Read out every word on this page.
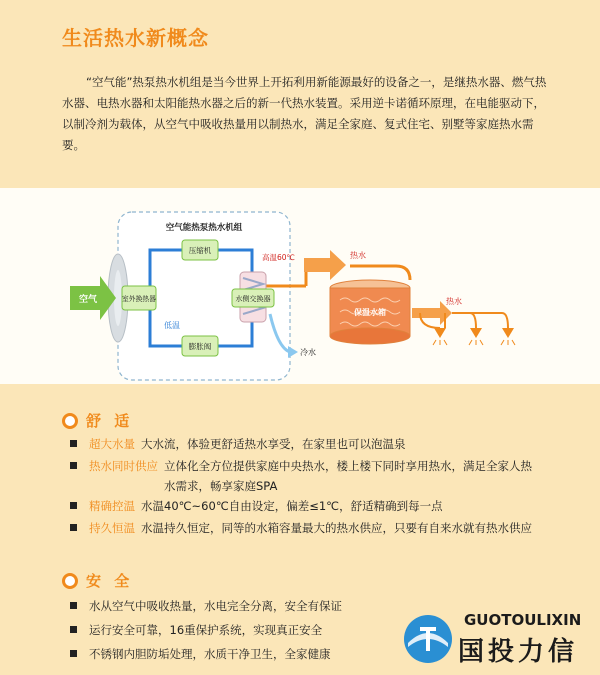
生活热水新概念
“空气能”热泵热水机组是当今世界上开拓利用新能源最好的设备之一，是继热水器、燃气热水器、电热水器和太阳能热水器之后的新一代热水装置。采用逆卡诺循环原理，在电能驱动下，以制冷剂为载体，从空气中吸收热量用以制热水，满足全家庭、复式住宅、别墅等家庭热水需要。
空气能热泵热水机组
空气
冷水
室外换热器
压缩机
膨胀阀
水侧交换器
低温
高温60℃	热水
保温水箱
热水
舒 适
超大水量 大水流，体验更舒适热水享受，在家里也可以泡温泉
热水同时供应 立体化全方位提供家庭中央热水，楼上楼下同时享用热水，满足全家人热水需求，畅享家庭SPA
精确控温 水温40℃~60℃自由设定，偏差≤1℃，舒适精确到每一点
持久恒温 水温持久恒定，同等的水箱容量最大的热水供应，只要有自来水就有热水供应
安 全
水从空气中吸收热量，水电完全分离，安全有保证
运行安全可靠，16重保护系统，实现真正安全
不锈钢内胆防垢处理，水质干净卫生，全家健康
GUOTOULIXIN
国投力信
